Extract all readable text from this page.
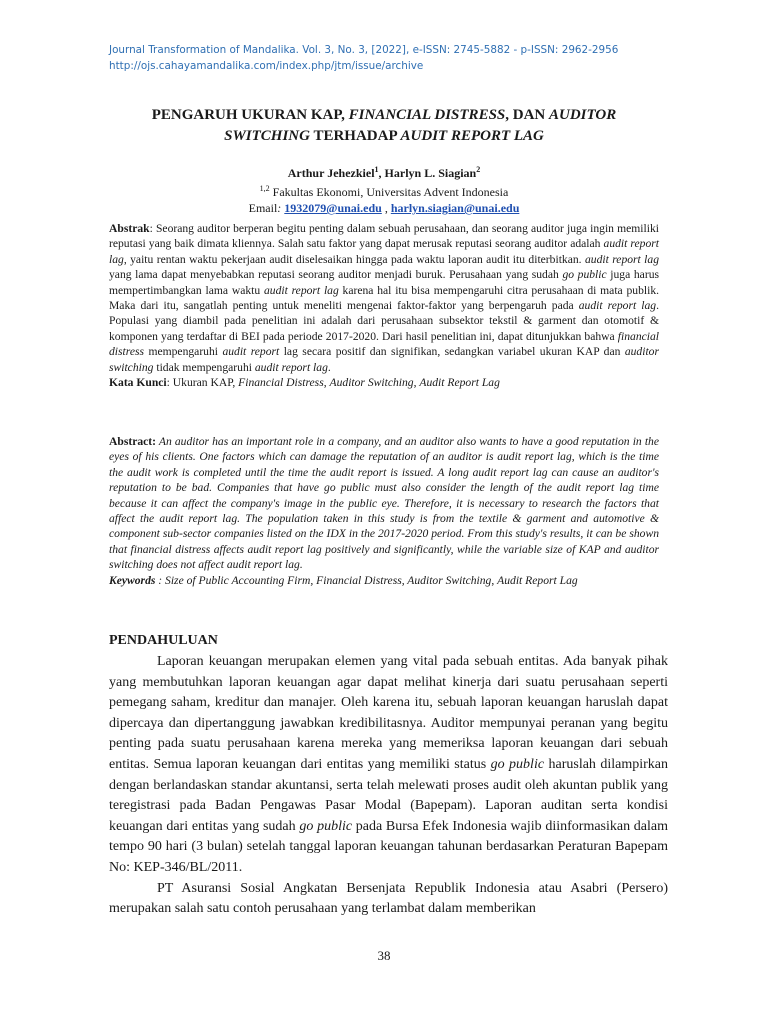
Journal Transformation of Mandalika. Vol. 3, No. 3, [2022], e-ISSN: 2745-5882 - p-ISSN: 2962-2956
http://ojs.cahayamandalika.com/index.php/jtm/issue/archive
PENGARUH UKURAN KAP, FINANCIAL DISTRESS, DAN AUDITOR
SWITCHING TERHADAP AUDIT REPORT LAG
Arthur Jehezkiel$^1$, Harlyn L. Siagian$^2$
$^{1,2}$ Fakultas Ekonomi, Universitas Advent Indonesia
Email: 1932079@unai.edu , harlyn.siagian@unai.edu

Abstrak: Seorang auditor berperan begitu penting dalam sebuah perusahaan, dan seorang auditor juga ingin memiliki reputasi yang baik dimata kliennya. Salah satu faktor yang dapat merusak reputasi seorang auditor adalah audit report lag, yaitu rentan waktu pekerjaan audit diselesaikan hingga pada waktu laporan audit itu diterbitkan. audit report lag yang lama dapat menyebabkan reputasi seorang auditor menjadi buruk. Perusahaan yang sudah go public juga harus mempertimbangkan lama waktu audit report lag karena hal itu bisa mempengaruhi citra perusahaan di mata publik. Maka dari itu, sangatlah penting untuk meneliti mengenai faktor-faktor yang berpengaruh pada audit report lag. Populasi yang diambil pada penelitian ini adalah dari perusahaan subsektor tekstil & garment dan otomotif & komponen yang terdaftar di BEI pada periode 2017-2020. Dari hasil penelitian ini, dapat ditunjukkan bahwa financial distress mempengaruhi audit report lag secara positif dan signifikan, sedangkan variabel ukuran KAP dan auditor switching tidak mempengaruhi audit report lag.

Kata Kunci: Ukuran KAP, Financial Distress, Auditor Switching, Audit Report Lag

Abstract: An auditor has an important role in a company, and an auditor also wants to have a good reputation in the eyes of his clients. One factors which can damage the reputation of an auditor is audit report lag, which is the time the audit work is completed until the time the audit report is issued. A long audit report lag can cause an auditor's reputation to be bad. Companies that have go public must also consider the length of the audit report lag time because it can affect the company's image in the public eye. Therefore, it is necessary to research the factors that affect the audit report lag. The population taken in this study is from the textile & garment and automotive & component sub-sector companies listed on the IDX in the 2017-2020 period. From this study's results, it can be shown that financial distress affects audit report lag positively and significantly, while the variable size of KAP and auditor switching does not affect audit report lag.

Keywords : Size of Public Accounting Firm, Financial Distress, Auditor Switching, Audit Report Lag

PENDAHULUAN

Laporan keuangan merupakan elemen yang vital pada sebuah entitas. Ada banyak pihak yang membutuhkan laporan keuangan agar dapat melihat kinerja dari suatu perusahaan seperti pemegang saham, kreditur dan manajer. Oleh karena itu, sebuah laporan keuangan haruslah dapat dipercaya dan dipertanggung jawabkan kredibilitasnya. Auditor mempunyai peranan yang begitu penting pada suatu perusahaan karena mereka yang memeriksa laporan keuangan dari sebuah entitas. Semua laporan keuangan dari entitas yang memiliki status go public haruslah dilampirkan dengan berlandaskan standar akuntansi, serta telah melewati proses audit oleh akuntan publik yang teregistrasi pada Badan Pengawas Pasar Modal (Bapepam). Laporan auditan serta kondisi keuangan dari entitas yang sudah go public pada Bursa Efek Indonesia wajib diinformasikan dalam tempo 90 hari (3 bulan) setelah tanggal laporan keuangan tahunan berdasarkan Peraturan Bapepam No: KEP-346/BL/2011.

PT Asuransi Sosial Angkatan Bersenjata Republik Indonesia atau Asabri (Persero) merupakan salah satu contoh perusahaan yang terlambat dalam memberikan

38
